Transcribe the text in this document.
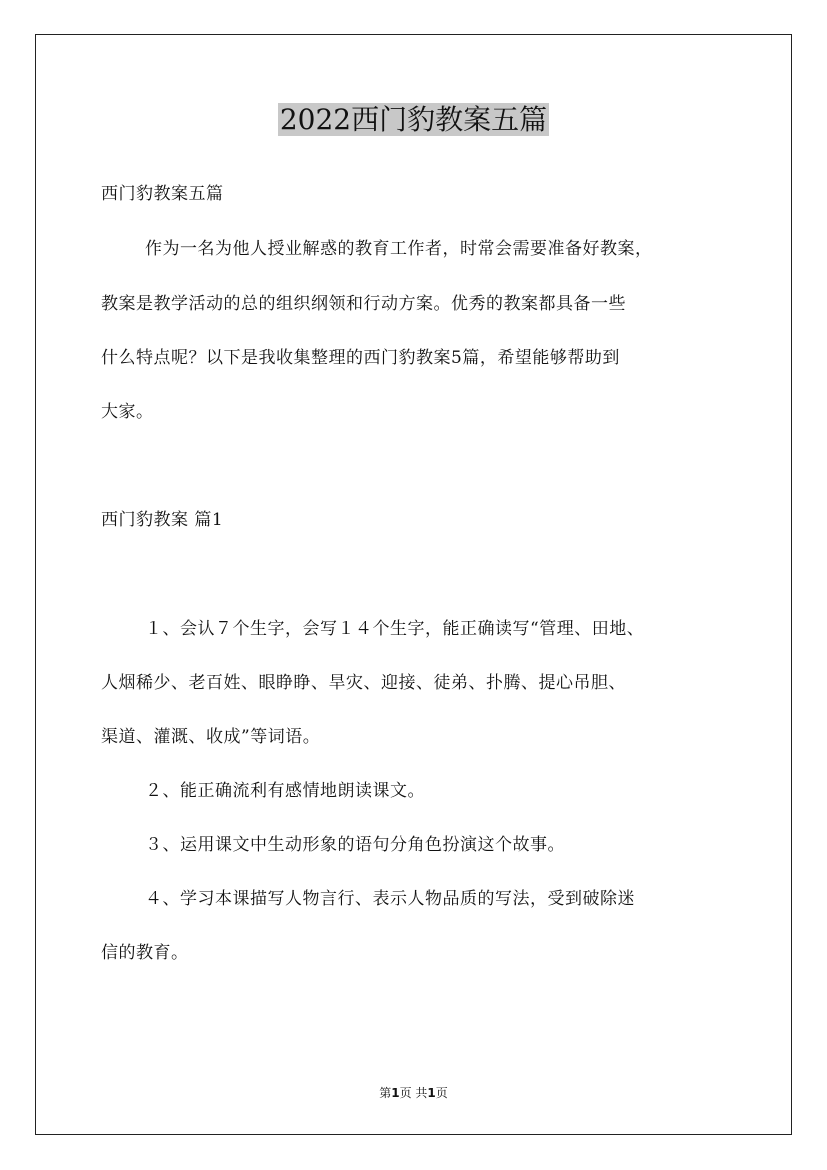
2022西门豹教案五篇

西门豹教案五篇

作为一名为他人授业解惑的教育工作者，时常会需要准备好教案，

教案是教学活动的总的组织纲领和行动方案。优秀的教案都具备一些

什么特点呢？以下是我收集整理的西门豹教案5篇，希望能够帮助到

大家。

西门豹教案 篇1

１、会认７个生字，会写１４个生字，能正确读写“管理、田地、

人烟稀少、老百姓、眼睁睁、旱灾、迎接、徒弟、扑腾、提心吊胆、

渠道、灌溉、收成”等词语。

２、能正确流利有感情地朗读课文。

３、运用课文中生动形象的语句分角色扮演这个故事。

４、学习本课描写人物言行、表示人物品质的写法，受到破除迷

信的教育。

第1页 共1页
